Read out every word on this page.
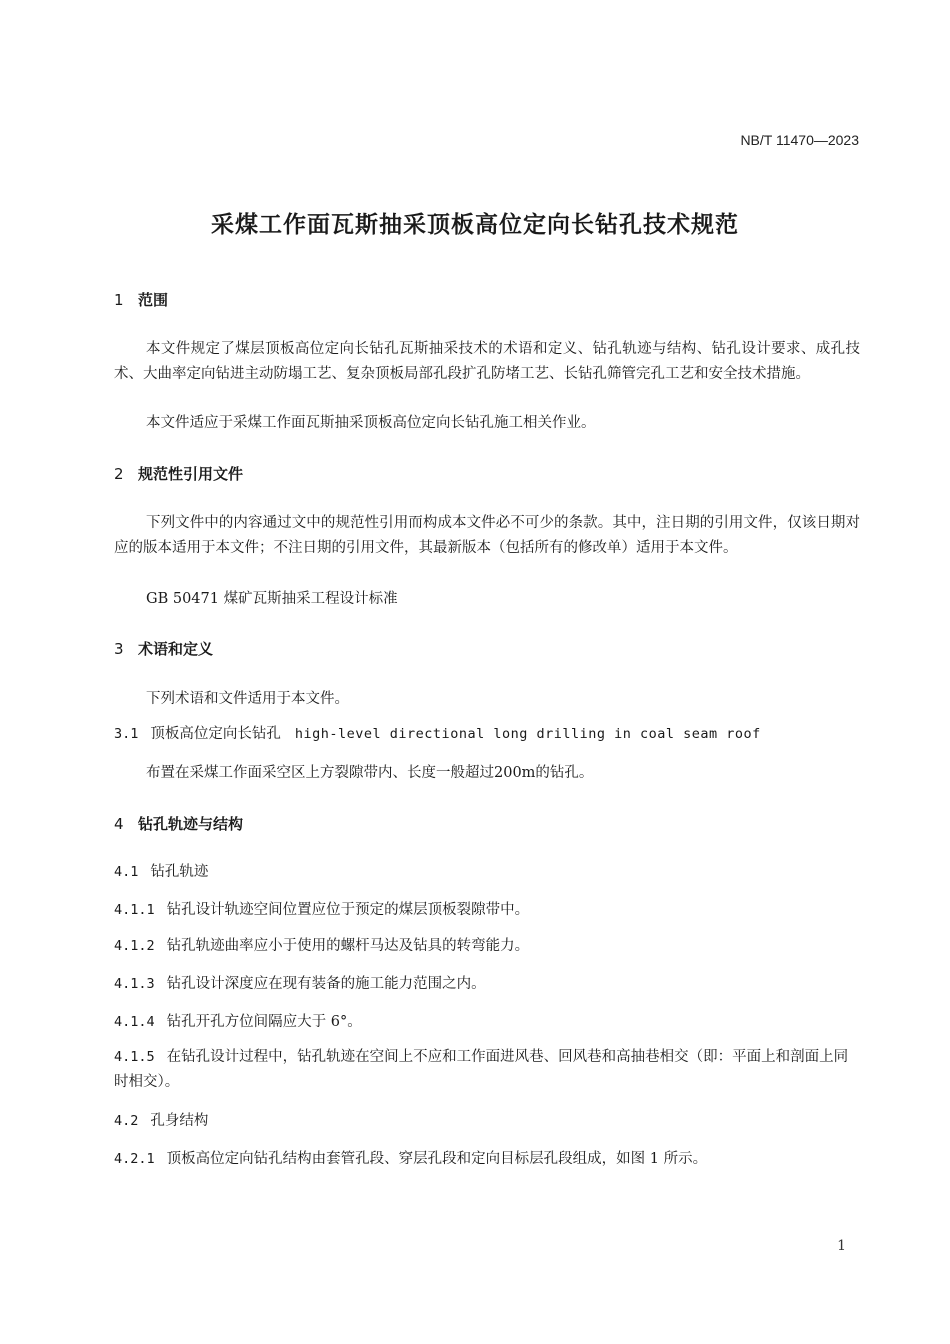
NB/T 11470—2023
采煤工作面瓦斯抽采顶板高位定向长钻孔技术规范
1 范围

本文件规定了煤层顶板高位定向长钻孔瓦斯抽采技术的术语和定义、钻孔轨迹与结构、钻孔设计要求、成孔技术、大曲率定向钻进主动防塌工艺、复杂顶板局部孔段扩孔防堵工艺、长钻孔筛管完孔工艺和安全技术措施。

本文件适应于采煤工作面瓦斯抽采顶板高位定向长钻孔施工相关作业。

2 规范性引用文件

下列文件中的内容通过文中的规范性引用而构成本文件必不可少的条款。其中，注日期的引用文件，仅该日期对应的版本适用于本文件；不注日期的引用文件，其最新版本（包括所有的修改单）适用于本文件。

GB 50471 煤矿瓦斯抽采工程设计标准

3 术语和定义

下列术语和文件适用于本文件。

3.1 顶板高位定向长钻孔 high-level directional long drilling in coal seam roof

布置在采煤工作面采空区上方裂隙带内、长度一般超过200m的钻孔。

4 钻孔轨迹与结构

4.1 钻孔轨迹

4.1.1 钻孔设计轨迹空间位置应位于预定的煤层顶板裂隙带中。

4.1.2 钻孔轨迹曲率应小于使用的螺杆马达及钻具的转弯能力。

4.1.3 钻孔设计深度应在现有装备的施工能力范围之内。

4.1.4 钻孔开孔方位间隔应大于 6°。

4.1.5 在钻孔设计过程中，钻孔轨迹在空间上不应和工作面进风巷、回风巷和高抽巷相交（即：平面上和剖面上同时相交）。

4.2 孔身结构

4.2.1 顶板高位定向钻孔结构由套管孔段、穿层孔段和定向目标层孔段组成，如图 1 所示。

1
